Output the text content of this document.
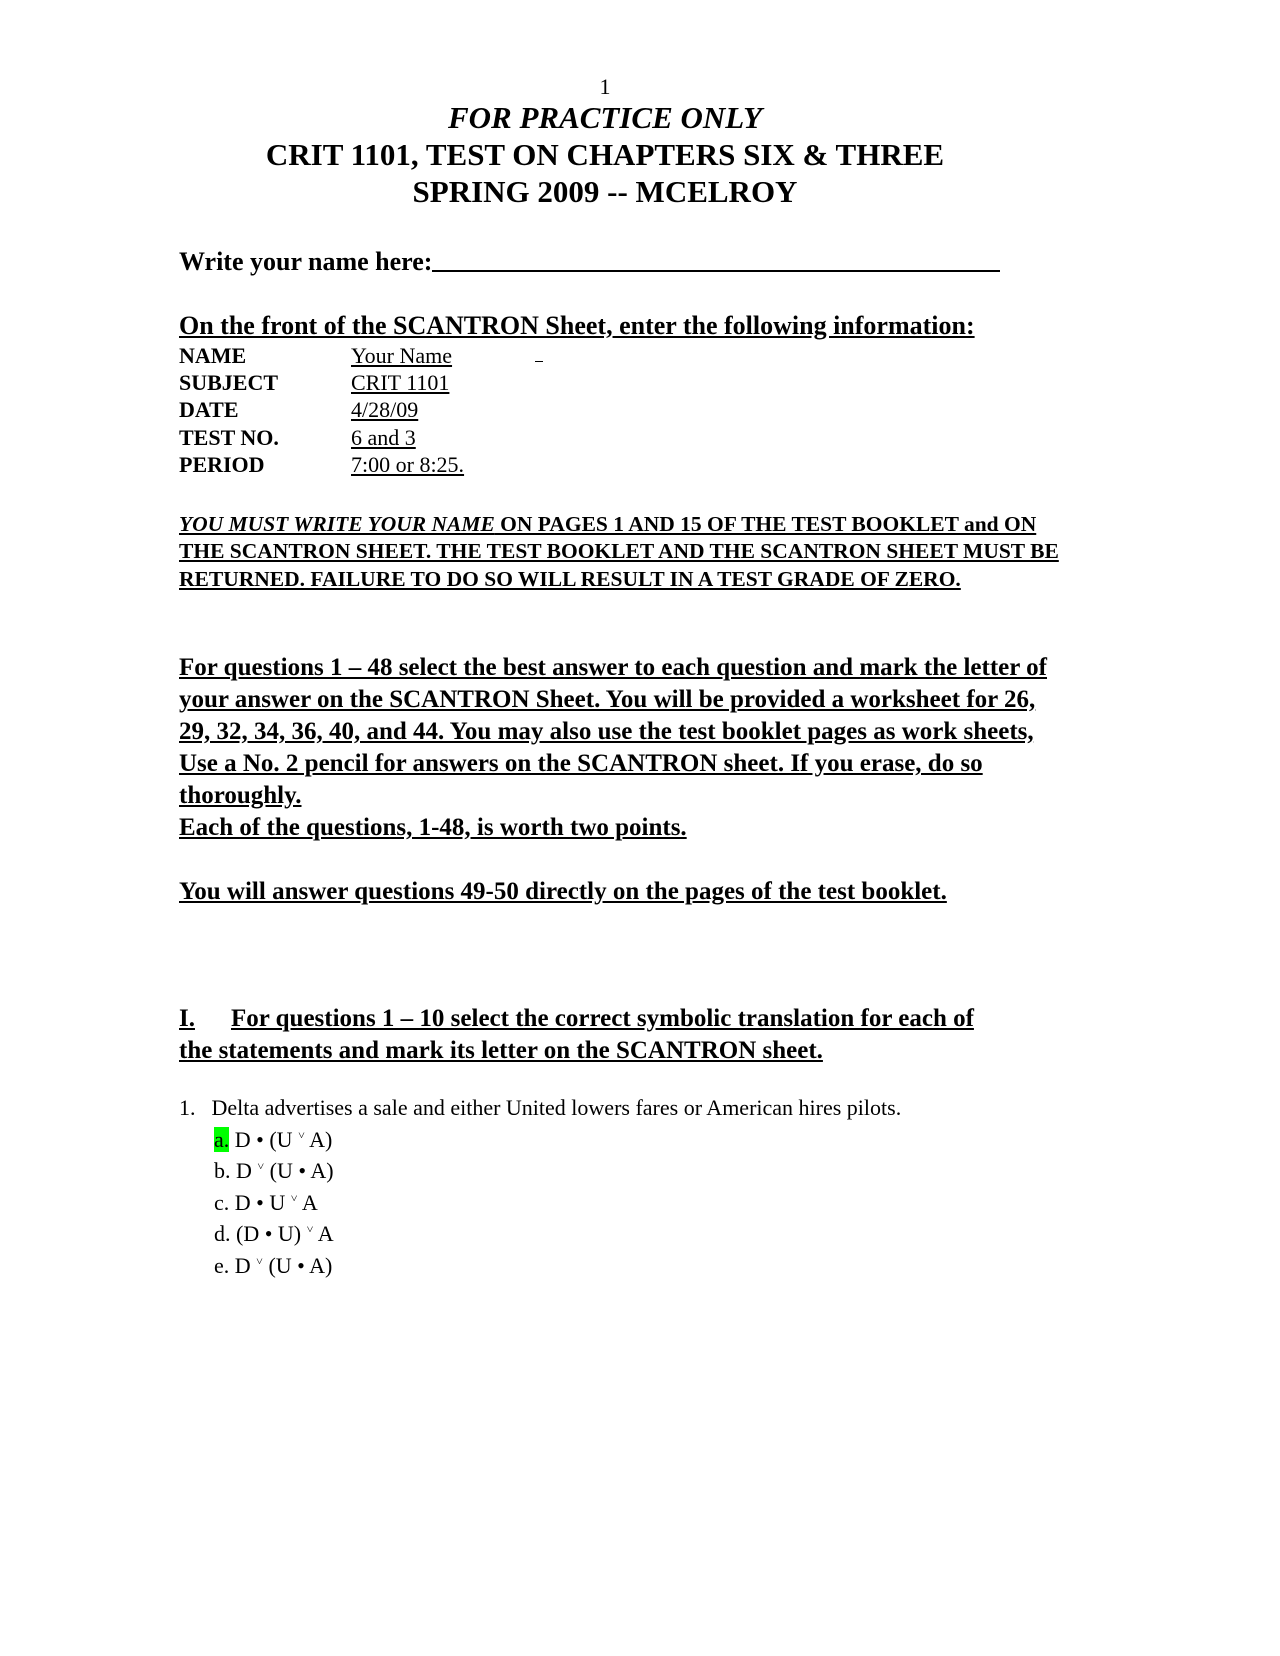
1
FOR PRACTICE ONLY
CRIT 1101, TEST ON CHAPTERS SIX & THREE
SPRING 2009 -- MCELROY
Write your name here:
On the front of the SCANTRON Sheet, enter the following information:
NAME	Your Name
SUBJECT	CRIT 1101
DATE	4/28/09
TEST NO.	6 and 3
PERIOD	7:00 or 8:25.
YOU MUST WRITE YOUR NAME ON PAGES 1 AND 15 OF THE TEST BOOKLET and ON THE SCANTRON SHEET. THE TEST BOOKLET AND THE SCANTRON SHEET MUST BE RETURNED. FAILURE TO DO SO WILL RESULT IN A TEST GRADE OF ZERO.
For questions 1 – 48 select the best answer to each question and mark the letter of your answer on the SCANTRON Sheet. You will be provided a worksheet for 26, 29, 32, 34, 36, 40, and 44. You may also use the test booklet pages as work sheets, Use a No. 2 pencil for answers on the SCANTRON sheet. If you erase, do so thoroughly.
Each of the questions, 1-48, is worth two points.
You will answer questions 49-50 directly on the pages of the test booklet.
I. For questions 1 – 10 select the correct symbolic translation for each of the statements and mark its letter on the SCANTRON sheet.
1. Delta advertises a sale and either United lowers fares or American hires pilots.
a. D • (U ˅ A)
b. D ˅ (U • A)
c. D • U ˅ A
d. (D • U) ˅ A
e. D ˅ (U • A)
